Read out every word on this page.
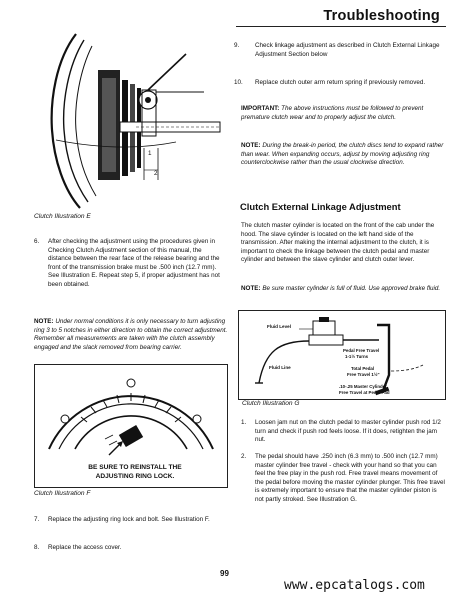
Troubleshooting
1
2
Clutch Illustration E
9.	Check linkage adjustment as described in Clutch External Linkage Adjustment Section below
10.	Replace clutch outer arm return spring if previously removed.
IMPORTANT: The above instructions must be followed to prevent premature clutch wear and to properly adjust the clutch.
NOTE: During the break-in period, the clutch discs tend to expand rather than wear. When expanding occurs, adjust by moving adjusting ring counterclockwise rather than the usual clockwise direction.
Clutch External Linkage Adjustment
The clutch master cylinder is located on the front of the cab under the hood. The slave cylinder is located on the left hand side of the transmission. After making the internal adjustment to the clutch, it is important to check the linkage between the clutch pedal and master cylinder and between the slave cylinder and clutch outer lever.
NOTE: Be sure master cylinder is full of fluid. Use approved brake fluid.
6.	After checking the adjustment using the procedures given in Checking Clutch Adjustment section of this manual, the distance between the rear face of the release bearing and the front of the transmission brake must be .500 inch (12.7 mm). See Illustration E. Repeat step 5, if proper adjustment has not been obtained.
NOTE: Under normal conditions it is only necessary to turn adjusting ring 3 to 5 notches in either direction to obtain the correct adjustment. Remember all measurements are taken with the clutch assembly engaged and the slack removed from bearing carrier.
Fluid Level
Fluid Line
Pedal Free Travel
1-1½ Turns
Total Pedal
Free Travel 1½"
.10-.25 Master Cylinder
Free Travel at Pedal Pad
Clutch Illustration G
BE SURE TO REINSTALL THE ADJUSTING RING LOCK.
Clutch Illustration F
7.	Replace the adjusting ring lock and bolt. See Illustration F.
8.	Replace the access cover.
1.	Loosen jam nut on the clutch pedal to master cylinder push rod 1/2 turn and check if push rod feels loose. If it does, retighten the jam nut.
2.	The pedal should have .250 inch (6.3 mm) to .500 inch (12.7 mm) master cylinder free travel - check with your hand so that you can feel the free play in the push rod. Free travel means movement of the pedal before moving the master cylinder plunger. This free travel is extremely important to ensure that the master cylinder piston is not partly stroked. See Illustration G.
99
www.epcatalogs.com
